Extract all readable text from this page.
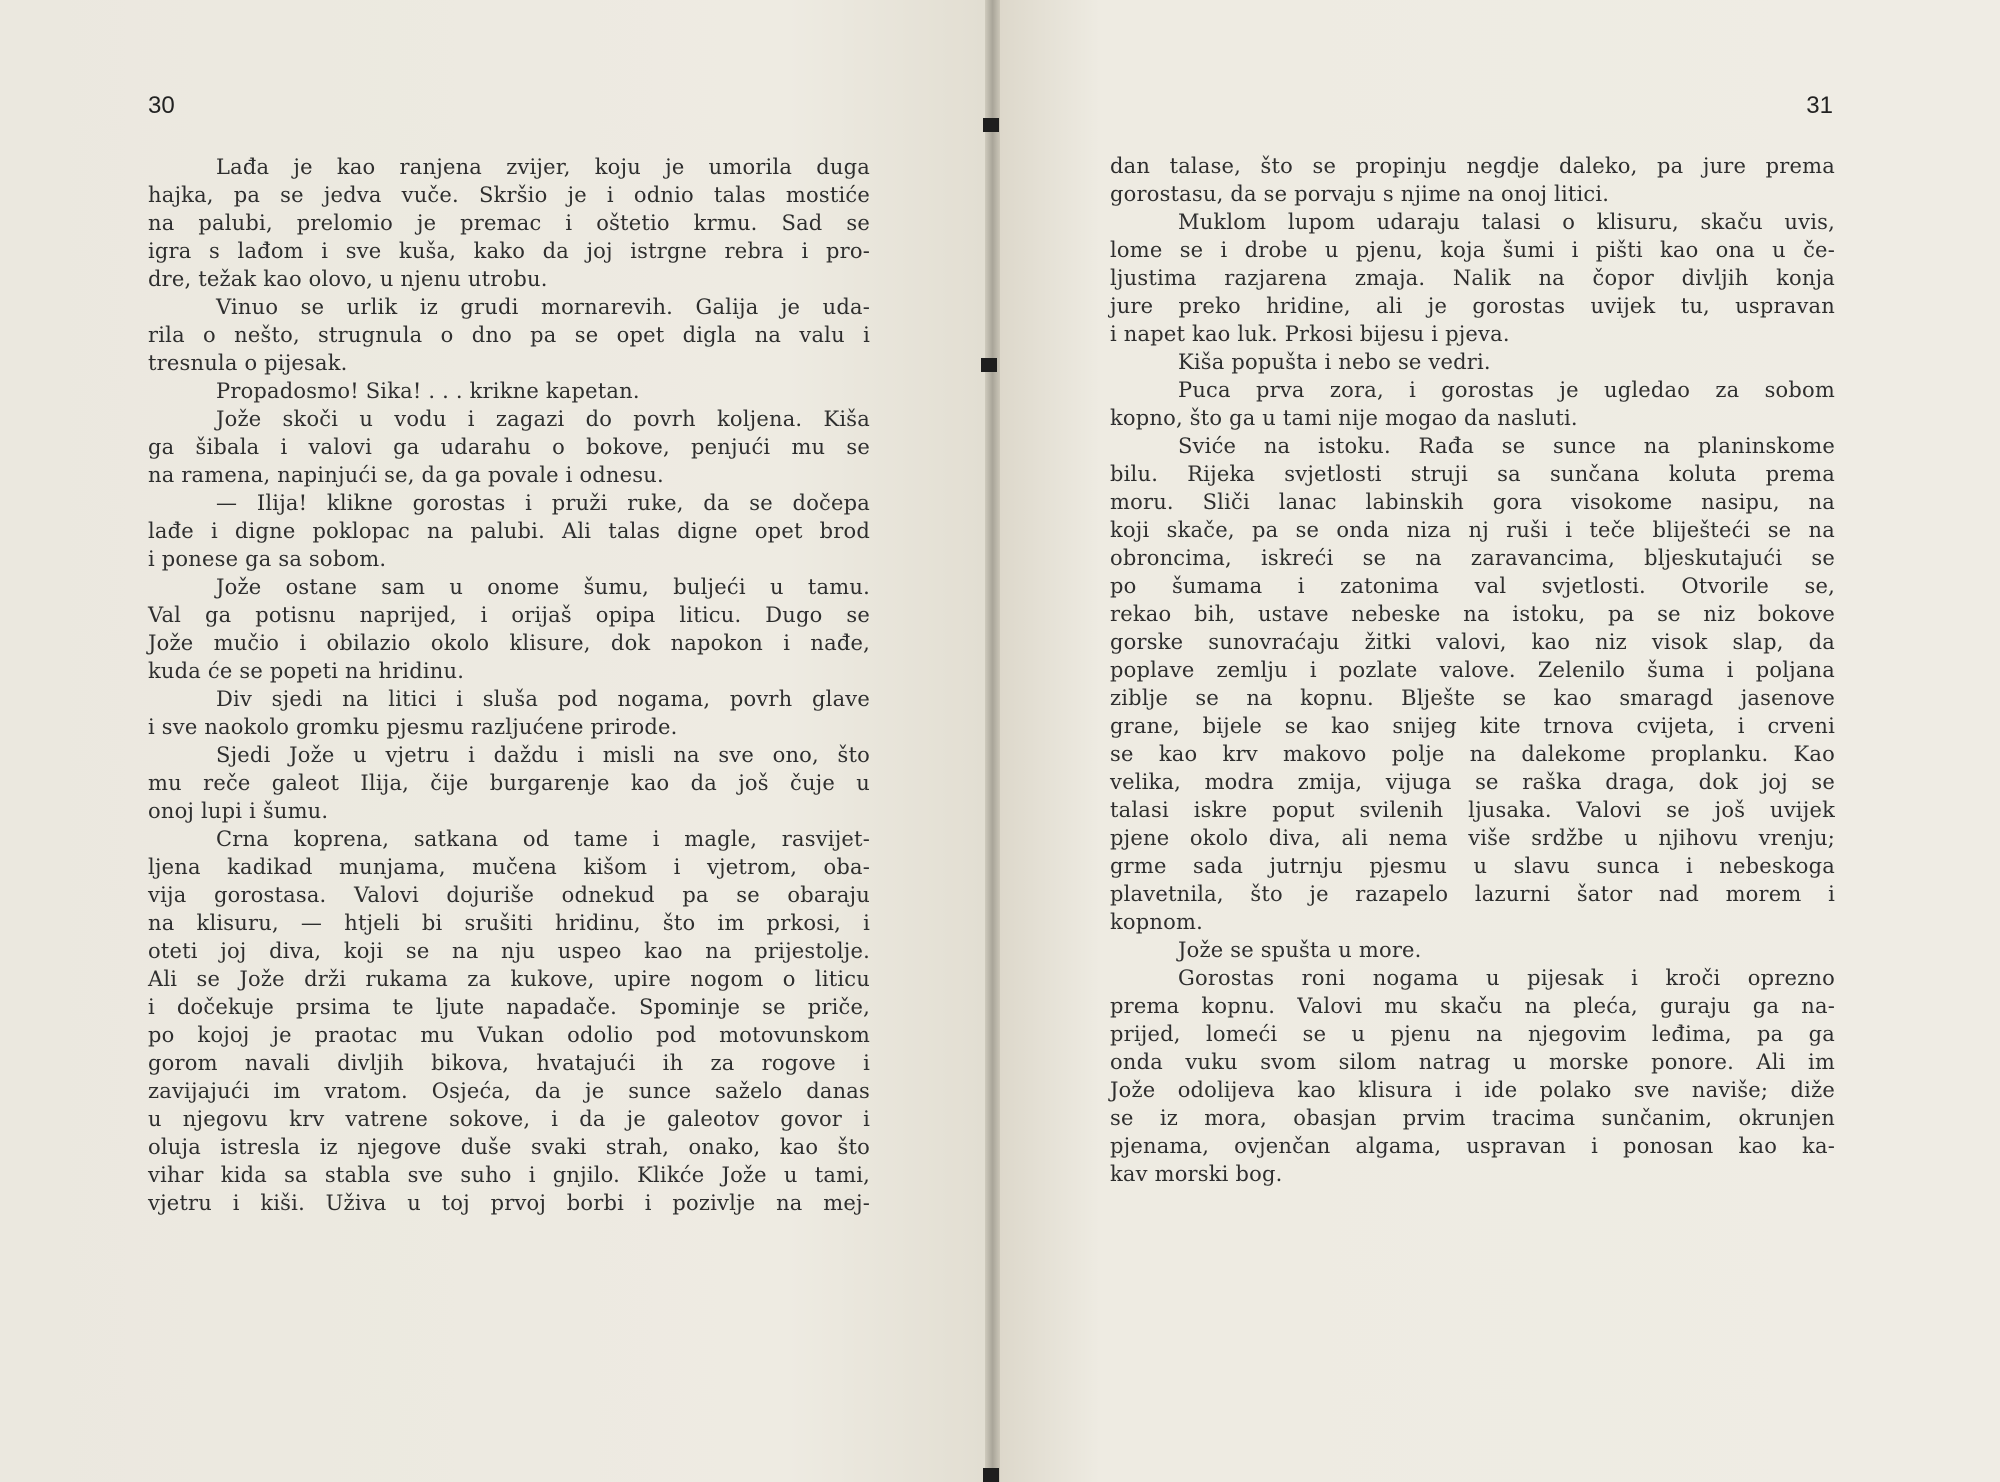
30
Lađa je kao ranjena zvijer, koju je umorila duga
hajka, pa se jedva vuče. Skršio je i odnio talas mostiće
na palubi, prelomio je premac i oštetio krmu. Sad se
igra s lađom i sve kuša, kako da joj istrgne rebra i pro-
dre, težak kao olovo, u njenu utrobu.
Vinuo se urlik iz grudi mornarevih. Galija je uda-
rila o nešto, strugnula o dno pa se opet digla na valu i
tresnula o pijesak.
Propadosmo! Sika! . . . krikne kapetan.
Jože skoči u vodu i zagazi do povrh koljena. Kiša
ga šibala i valovi ga udarahu o bokove, penjući mu se
na ramena, napinjući se, da ga povale i odnesu.
— Ilija! klikne gorostas i pruži ruke, da se dočepa
lađe i digne poklopac na palubi. Ali talas digne opet brod
i ponese ga sa sobom.
Jože ostane sam u onome šumu, buljeći u tamu.
Val ga potisnu naprijed, i orijaš opipa liticu. Dugo se
Jože mučio i obilazio okolo klisure, dok napokon i nađe,
kuda će se popeti na hridinu.
Div sjedi na litici i sluša pod nogama, povrh glave
i sve naokolo gromku pjesmu razljućene prirode.
Sjedi Jože u vjetru i daždu i misli na sve ono, što
mu reče galeot Ilija, čije burgarenje kao da još čuje u
onoj lupi i šumu.
Crna koprena, satkana od tame i magle, rasvijet-
ljena kadikad munjama, mučena kišom i vjetrom, oba-
vija gorostasa. Valovi dojuriše odnekud pa se obaraju
na klisuru, — htjeli bi srušiti hridinu, što im prkosi, i
oteti joj diva, koji se na nju uspeo kao na prijestolje.
Ali se Jože drži rukama za kukove, upire nogom o liticu
i dočekuje prsima te ljute napadače. Spominje se priče,
po kojoj je praotac mu Vukan odolio pod motovunskom
gorom navali divljih bikova, hvatajući ih za rogove i
zavijajući im vratom. Osjeća, da je sunce saželo danas
u njegovu krv vatrene sokove, i da je galeotov govor i
oluja istresla iz njegove duše svaki strah, onako, kao što
vihar kida sa stabla sve suho i gnjilo. Klikće Jože u tami,
vjetru i kiši. Uživa u toj prvoj borbi i pozivlje na mej-
31
dan talase, što se propinju negdje daleko, pa jure prema
gorostasu, da se porvaju s njime na onoj litici.
Muklom lupom udaraju talasi o klisuru, skaču uvis,
lome se i drobe u pjenu, koja šumi i pišti kao ona u če-
ljustima razjarena zmaja. Nalik na čopor divljih konja
jure preko hridine, ali je gorostas uvijek tu, uspravan
i napet kao luk. Prkosi bijesu i pjeva.
Kiša popušta i nebo se vedri.
Puca prva zora, i gorostas je ugledao za sobom
kopno, što ga u tami nije mogao da nasluti.
Sviće na istoku. Rađa se sunce na planinskome
bilu. Rijeka svjetlosti struji sa sunčana koluta prema
moru. Sliči lanac labinskih gora visokome nasipu, na
koji skače, pa se onda niza nj ruši i teče bliješteći se na
obroncima, iskreći se na zaravancima, bljeskutajući se
po šumama i zatonima val svjetlosti. Otvorile se,
rekao bih, ustave nebeske na istoku, pa se niz bokove
gorske sunovraćaju žitki valovi, kao niz visok slap, da
poplave zemlju i pozlate valove. Zelenilo šuma i poljana
ziblje se na kopnu. Blješte se kao smaragd jasenove
grane, bijele se kao snijeg kite trnova cvijeta, i crveni
se kao krv makovo polje na dalekome proplanku. Kao
velika, modra zmija, vijuga se raška draga, dok joj se
talasi iskre poput svilenih ljusaka. Valovi se još uvijek
pjene okolo diva, ali nema više srdžbe u njihovu vrenju;
grme sada jutrnju pjesmu u slavu sunca i nebeskoga
plavetnila, što je razapelo lazurni šator nad morem i
kopnom.
Jože se spušta u more.
Gorostas roni nogama u pijesak i kroči oprezno
prema kopnu. Valovi mu skaču na pleća, guraju ga na-
prijed, lomeći se u pjenu na njegovim leđima, pa ga
onda vuku svom silom natrag u morske ponore. Ali im
Jože odolijeva kao klisura i ide polako sve naviše; diže
se iz mora, obasjan prvim tracima sunčanim, okrunjen
pjenama, ovjenčan algama, uspravan i ponosan kao ka-
kav morski bog.
